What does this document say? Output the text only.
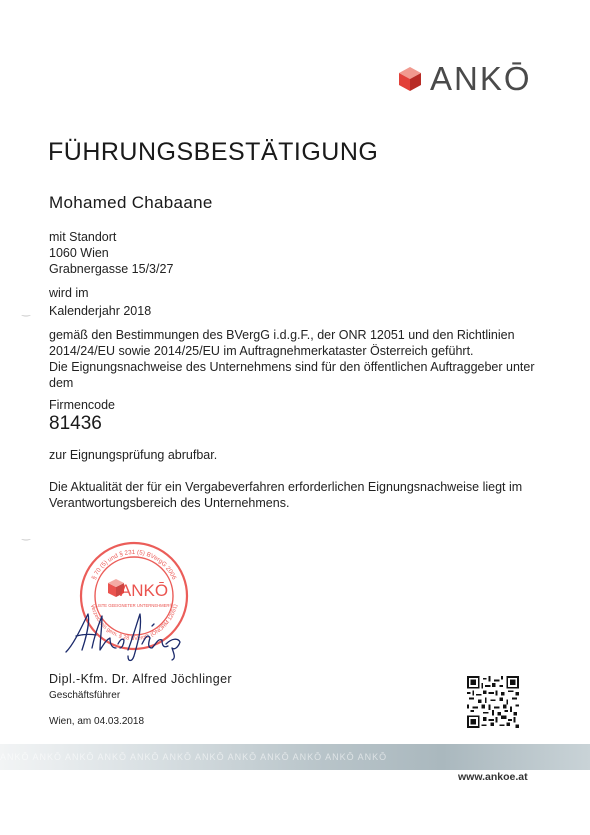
ANKŌ
FÜHRUNGSBESTÄTIGUNG
Mohamed Chabaane
mit Standort
1060 Wien
Grabnergasse 15/3/27
wird im
Kalenderjahr 2018
‿
gemäß den Bestimmungen des BVergG i.d.g.F., der ONR 12051 und den Richtlinien
2014/24/EU sowie 2014/25/EU im Auftragnehmerkataster Österreich geführt.
Die Eignungsnachweise des Unternehmens sind für den öffentlichen Auftraggeber unter
dem
Firmencode
81436
zur Eignungsprüfung abrufbar.
Die Aktualität der für ein Vergabeverfahren erforderlichen Eignungsnachweise liegt im
Verantwortungsbereich des Unternehmens.
‿
§ 70 (5) und § 231 (5) BVergG 2006
Verzeichnis gem. § 28 BVergG (ÖNORM 12051)
ANKŌ
LISTE GEEIGNETER UNTERNEHMER®
Dipl.-Kfm. Dr. Alfred Jöchlinger
Geschäftsführer
Wien, am 04.03.2018
ANKŌ ANKŌ ANKŌ ANKŌ ANKŌ ANKŌ ANKŌ ANKŌ ANKŌ ANKŌ ANKŌ ANKŌ
www.ankoe.at
